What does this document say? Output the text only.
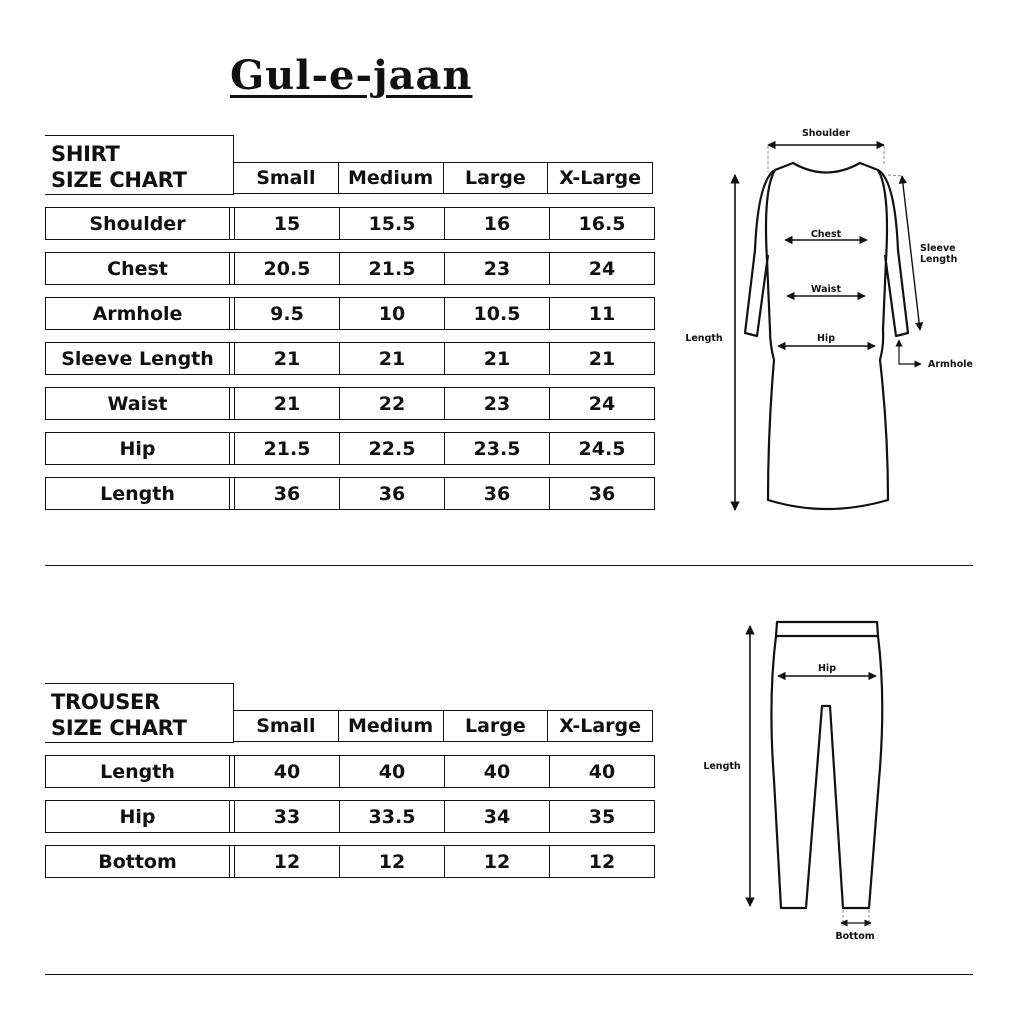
Gul-e-jaan
SHIRT
SIZE CHART	Small	Medium	Large	X-Large
Shoulder	15	15.5	16	16.5
Chest	20.5	21.5	23	24
Armhole	9.5	10	10.5	11
Sleeve Length	21	21	21	21
Waist	21	22	23	24
Hip	21.5	22.5	23.5	24.5
Length	36	36	36	36
TROUSER
SIZE CHART	Small	Medium	Large	X-Large
Length	40	40	40	40
Hip	33	33.5	34	35
Bottom	12	12	12	12
Shoulder
Chest
Waist
Hip
Length
Sleeve
Length
Armhole
Hip
Length
Bottom
